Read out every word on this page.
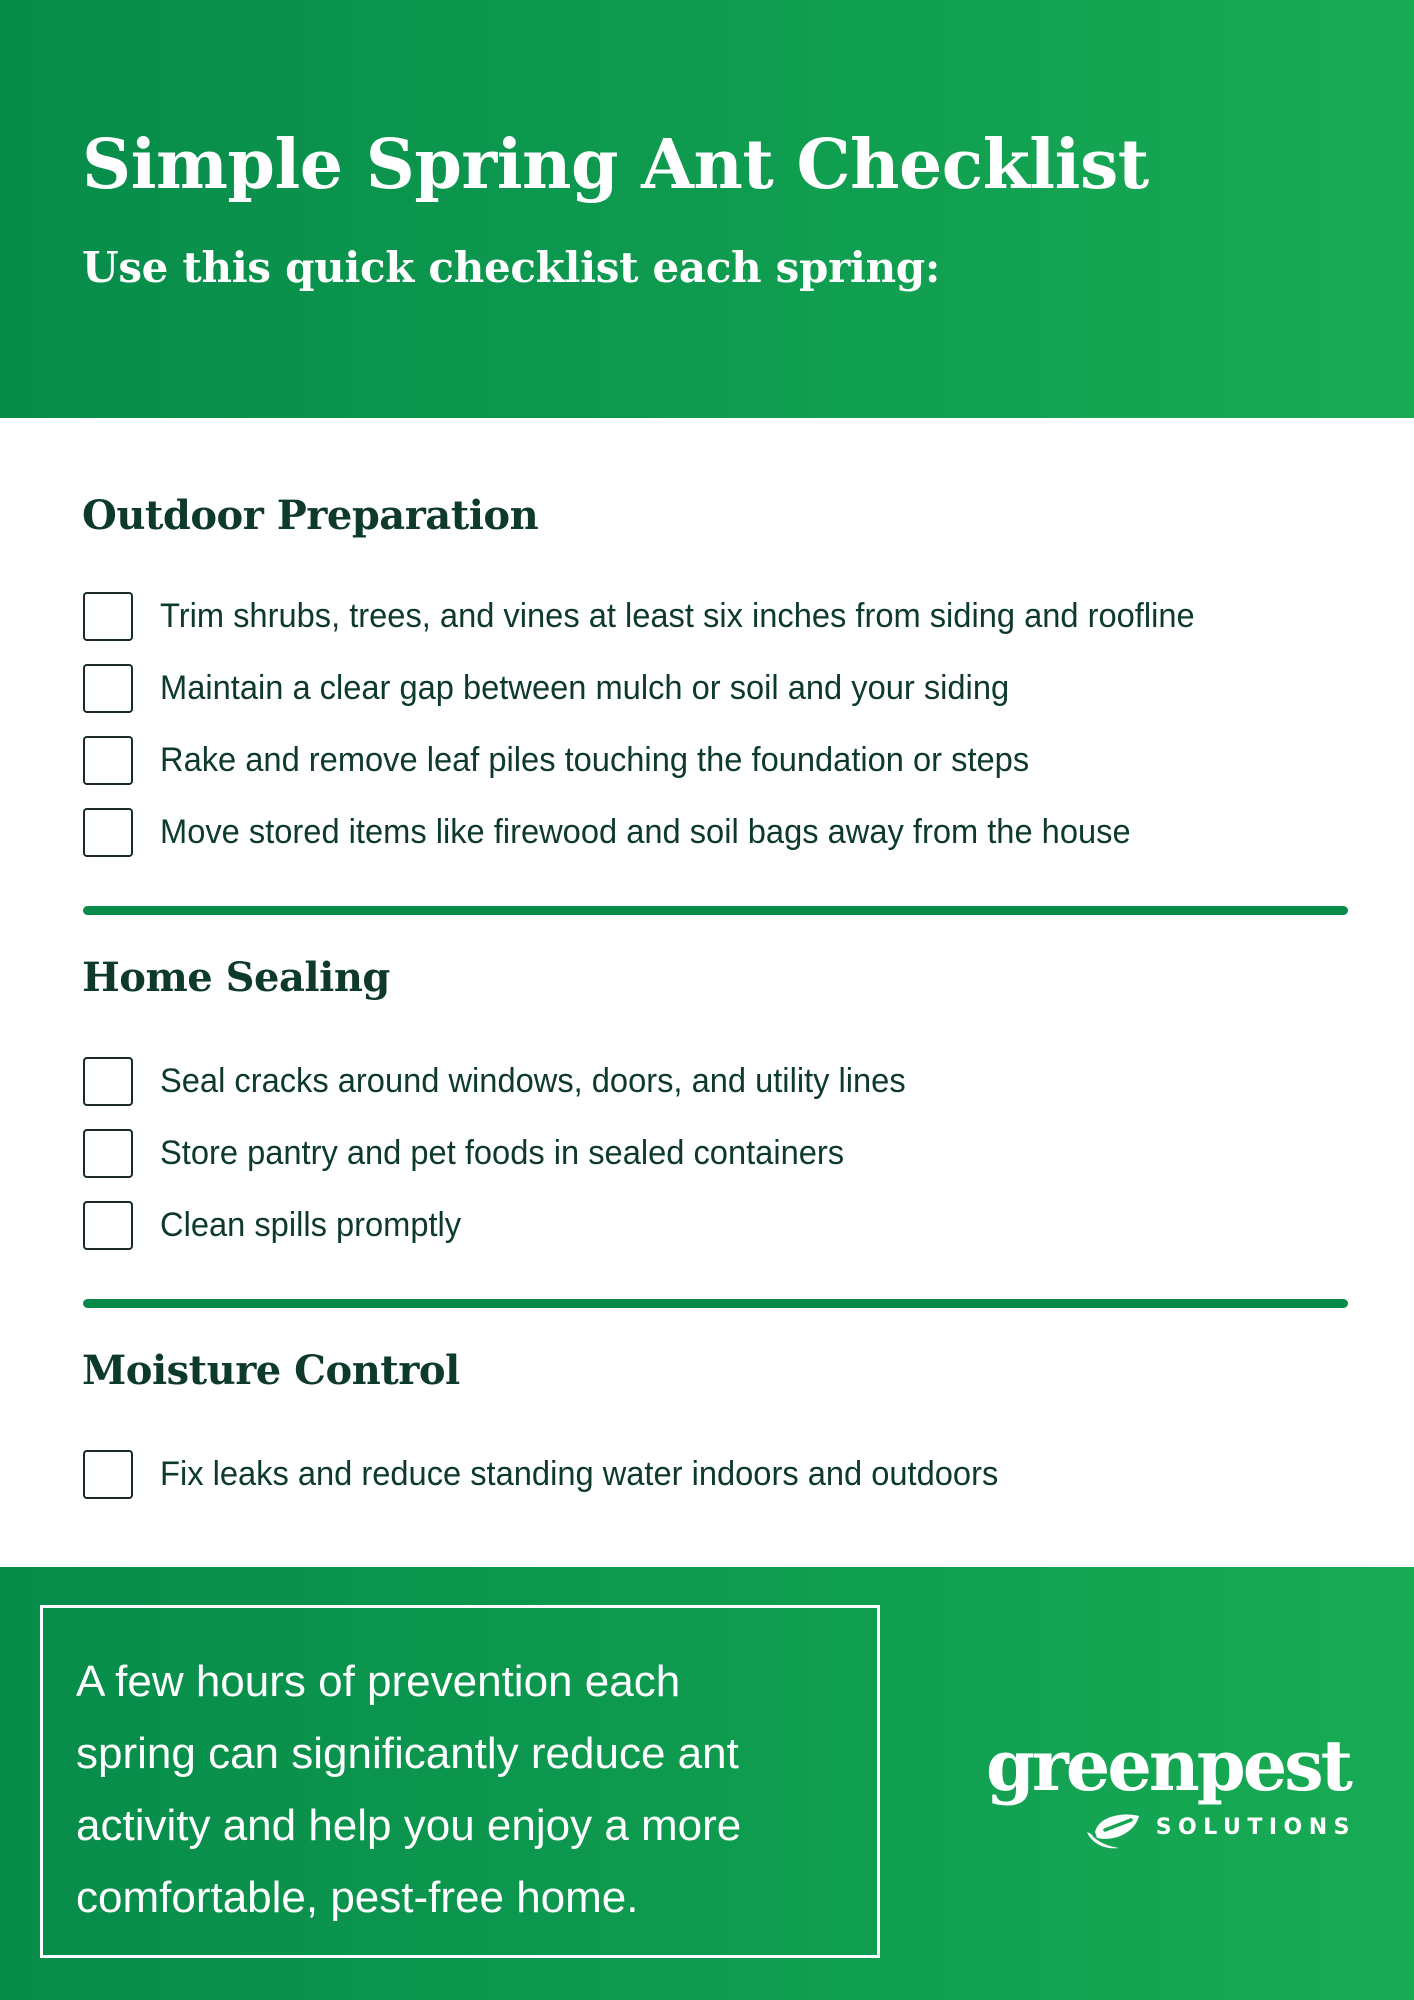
Simple Spring Ant Checklist
Use this quick checklist each spring:
Outdoor Preparation
Trim shrubs, trees, and vines at least six inches from siding and roofline
Maintain a clear gap between mulch or soil and your siding
Rake and remove leaf piles touching the foundation or steps
Move stored items like firewood and soil bags away from the house
Home Sealing
Seal cracks around windows, doors, and utility lines
Store pantry and pet foods in sealed containers
Clean spills promptly
Moisture Control
Fix leaks and reduce standing water indoors and outdoors
A few hours of prevention each
spring can significantly reduce ant
activity and help you enjoy a more
comfortable, pest-free home.
greenpest
SOLUTIONS
